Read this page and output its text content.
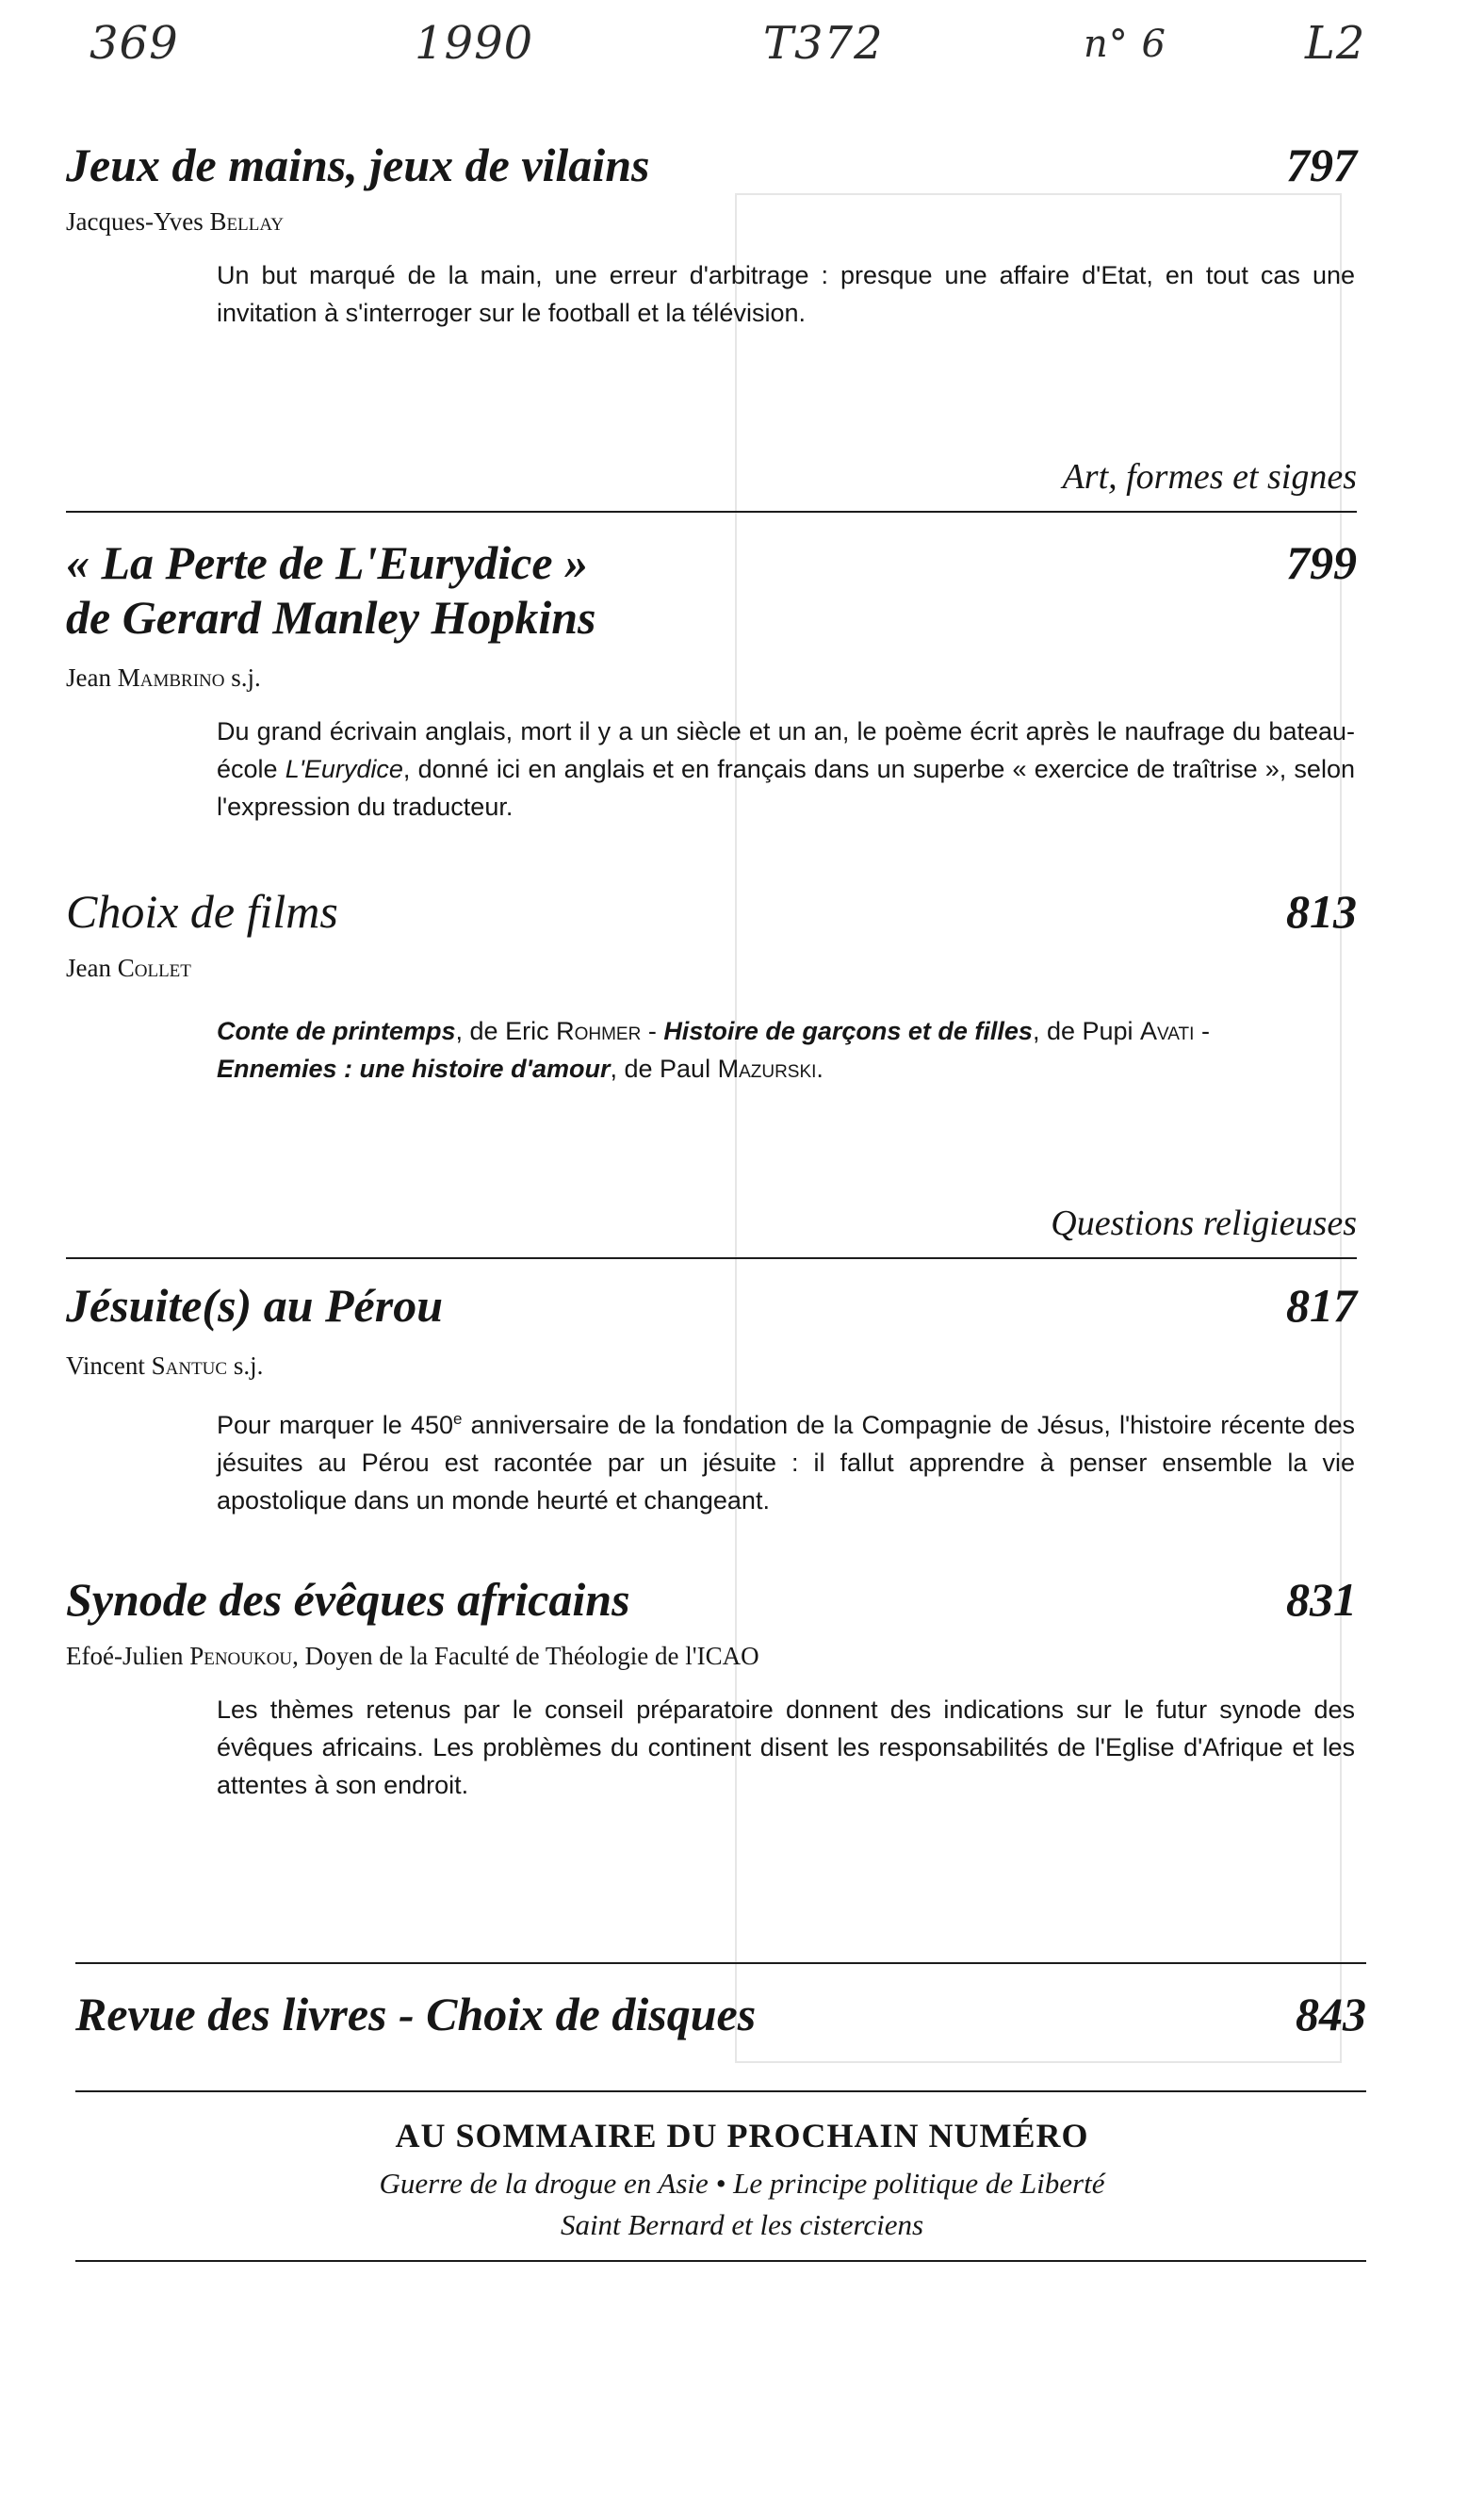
369	1990	T372	n° 6	L2
Jeux de mains, jeux de vilains	797
Jacques-Yves Bellay
Un but marqué de la main, une erreur d'arbitrage : presque une affaire d'Etat, en tout cas une invitation à s'interroger sur le football et la télévision.
Art, formes et signes
« La Perte de L'Eurydice »
de Gerard Manley Hopkins
799
Jean Mambrino s.j.
Du grand écrivain anglais, mort il y a un siècle et un an, le poème écrit après le naufrage du bateau-école L'Eurydice, donné ici en anglais et en français dans un superbe « exercice de traîtrise », selon l'expression du traducteur.
Choix de films	813
Jean Collet
Conte de printemps, de Eric Rohmer - Histoire de garçons et de filles, de Pupi Avati -
Ennemies : une histoire d'amour, de Paul Mazurski.
Questions religieuses
Jésuite(s) au Pérou	817
Vincent Santuc s.j.
Pour marquer le 450e anniversaire de la fondation de la Compagnie de Jésus, l'histoire récente des jésuites au Pérou est racontée par un jésuite : il fallut apprendre à penser ensemble la vie apostolique dans un monde heurté et changeant.
Synode des évêques africains	831
Efoé-Julien Penoukou, Doyen de la Faculté de Théologie de l'ICAO
Les thèmes retenus par le conseil préparatoire donnent des indications sur le futur synode des évêques africains. Les problèmes du continent disent les responsabilités de l'Eglise d'Afrique et les attentes à son endroit.
Revue des livres - Choix de disques	843
AU SOMMAIRE DU PROCHAIN NUMÉRO
Guerre de la drogue en Asie • Le principe politique de Liberté
Saint Bernard et les cisterciens
